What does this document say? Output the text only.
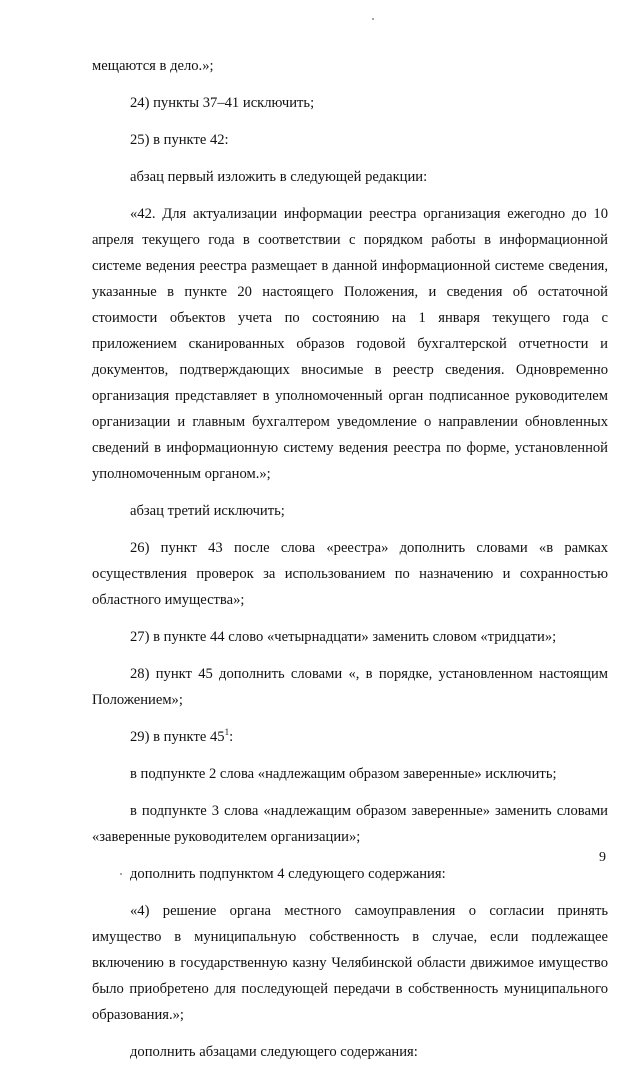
мещаются в дело.»;

24) пункты 37–41 исключить;

25) в пункте 42:

абзац первый изложить в следующей редакции:

«42. Для актуализации информации реестра организация ежегодно до 10 апреля текущего года в соответствии с порядком работы в информационной системе ведения реестра размещает в данной информационной системе сведения, указанные в пункте 20 настоящего Положения, и сведения об остаточной стоимости объектов учета по состоянию на 1 января текущего года с приложением сканированных образов годовой бухгалтерской отчетности и документов, подтверждающих вносимые в реестр сведения. Одновременно организация представляет в уполномоченный орган подписанное руководителем организации и главным бухгалтером уведомление о направлении обновленных сведений в информационную систему ведения реестра по форме, установленной уполномоченным органом.»;

абзац третий исключить;

26) пункт 43 после слова «реестра» дополнить словами «в рамках осуществления проверок за использованием по назначению и сохранностью областного имущества»;

27) в пункте 44 слово «четырнадцати» заменить словом «тридцати»;

28) пункт 45 дополнить словами «, в порядке, установленном настоящим Положением»;

29) в пункте $45^1$:

в подпункте 2 слова «надлежащим образом заверенные» исключить;

в подпункте 3 слова «надлежащим образом заверенные» заменить словами «заверенные руководителем организации»;

дополнить подпунктом 4 следующего содержания:

«4) решение органа местного самоуправления о согласии принять имущество в муниципальную собственность в случае, если подлежащее включению в государственную казну Челябинской области движимое имущество было приобретено для последующей передачи в собственность муниципального образования.»;

дополнить абзацами следующего содержания:

9
